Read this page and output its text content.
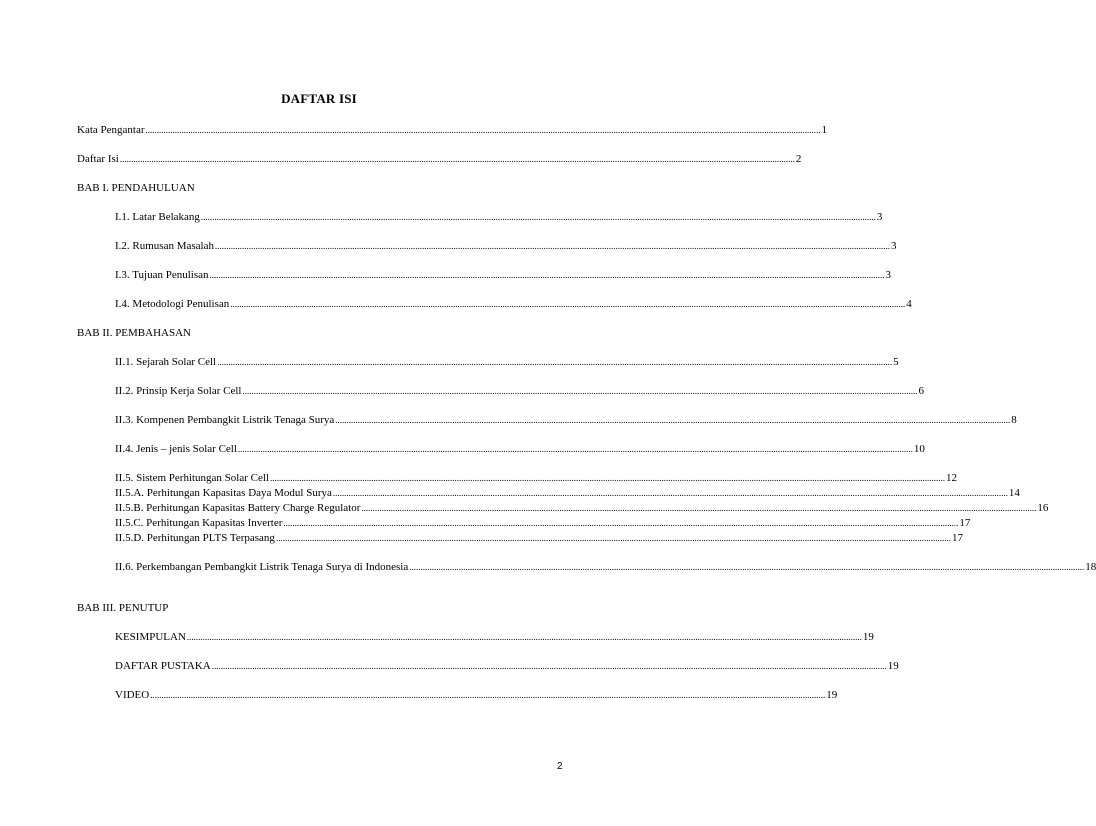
DAFTAR ISI
Kata Pengantar ............................................................................................................................................................................................................................................................................................................ 1
Daftar Isi ............................................................................................................................................................................................................................................................................................................ 2
BAB I. PENDAHULUAN
I.1. Latar Belakang ............................................................................................................................................................................................................................................................................................................ 3
I.2. Rumusan Masalah ............................................................................................................................................................................................................................................................................................................ 3
I.3. Tujuan Penulisan ............................................................................................................................................................................................................................................................................................................ 3
I.4. Metodologi Penulisan ............................................................................................................................................................................................................................................................................................................ 4
BAB II. PEMBAHASAN
II.1. Sejarah Solar Cell ............................................................................................................................................................................................................................................................................................................ 5
II.2. Prinsip Kerja Solar Cell ............................................................................................................................................................................................................................................................................................................ 6
II.3. Kompenen Pembangkit Listrik Tenaga Surya ............................................................................................................................................................................................................................................................................................................ 8
II.4. Jenis – jenis Solar Cell ............................................................................................................................................................................................................................................................................................................ 10
II.5. Sistem Perhitungan Solar Cell ............................................................................................................................................................................................................................................................................................................ 12
II.5.A. Perhitungan Kapasitas Daya Modul Surya ............................................................................................................................................................................................................................................................................................................ 14
II.5.B. Perhitungan Kapasitas Battery Charge Regulator ............................................................................................................................................................................................................................................................................................................ 16
II.5.C. Perhitungan Kapasitas Inverter ............................................................................................................................................................................................................................................................................................................ 17
II.5.D. Perhitungan PLTS Terpasang ............................................................................................................................................................................................................................................................................................................ 17
II.6. Perkembangan Pembangkit Listrik Tenaga Surya di Indonesia ............................................................................................................................................................................................................................................................................................................ 18
BAB III. PENUTUP
KESIMPULAN ............................................................................................................................................................................................................................................................................................................ 19
DAFTAR PUSTAKA ............................................................................................................................................................................................................................................................................................................ 19
VIDEO ............................................................................................................................................................................................................................................................................................................ 19
2
